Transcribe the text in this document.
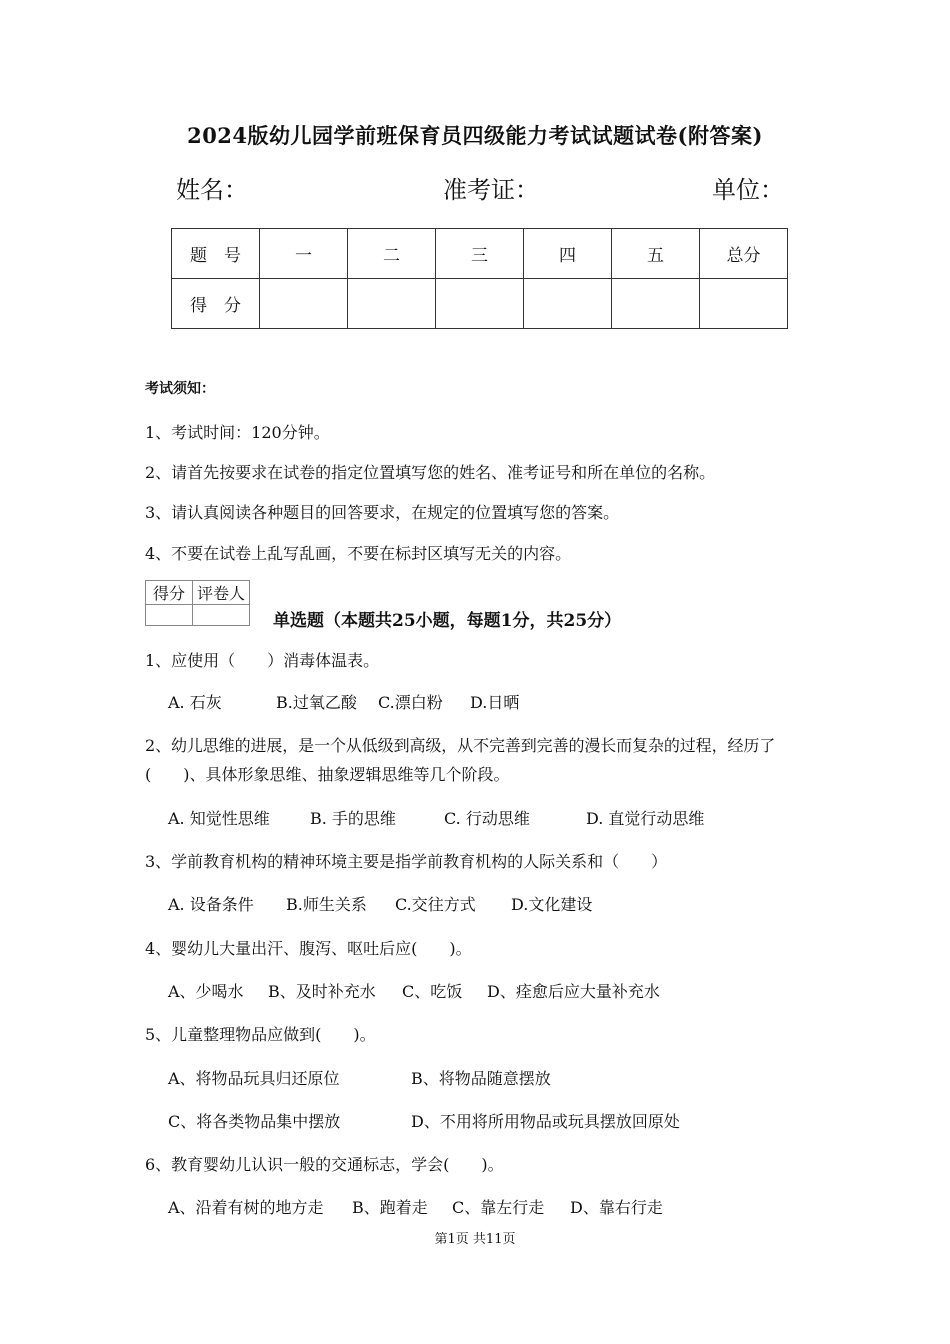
2024版幼儿园学前班保育员四级能力考试试题试卷(附答案)
姓名：	准考证：	单位：
题　号	一	二	三	四	五	总分
得　分						
考试须知：
1、考试时间：120分钟。
2、请首先按要求在试卷的指定位置填写您的姓名、准考证号和所在单位的名称。
3、请认真阅读各种题目的回答要求，在规定的位置填写您的答案。
4、不要在试卷上乱写乱画，不要在标封区填写无关的内容。
得分	评卷人

单选题（本题共25小题，每题1分，共25分）
1、应使用（　　）消毒体温表。
A. 石灰	B.过氧乙酸 C.漂白粉 D.日晒
2、幼儿思维的进展，是一个从低级到高级，从不完善到完善的漫长而复杂的过程，经历了
(　　)、具体形象思维、抽象逻辑思维等几个阶段。
A. 知觉性思维	B. 手的思维	C. 行动思维	D. 直觉行动思维
3、学前教育机构的精神环境主要是指学前教育机构的人际关系和（　　）
A. 设备条件 B.师生关系 C.交往方式 D.文化建设
4、婴幼儿大量出汗、腹泻、呕吐后应(　　)。
A、少喝水 B、及时补充水 C、吃饭 D、痊愈后应大量补充水
5、儿童整理物品应做到(　　)。
A、将物品玩具归还原位	B、将物品随意摆放
C、将各类物品集中摆放	D、不用将所用物品或玩具摆放回原处
6、教育婴幼儿认识一般的交通标志，学会(　　)。
A、沿着有树的地方走 B、跑着走 C、靠左行走 D、靠右行走
第1页 共11页
